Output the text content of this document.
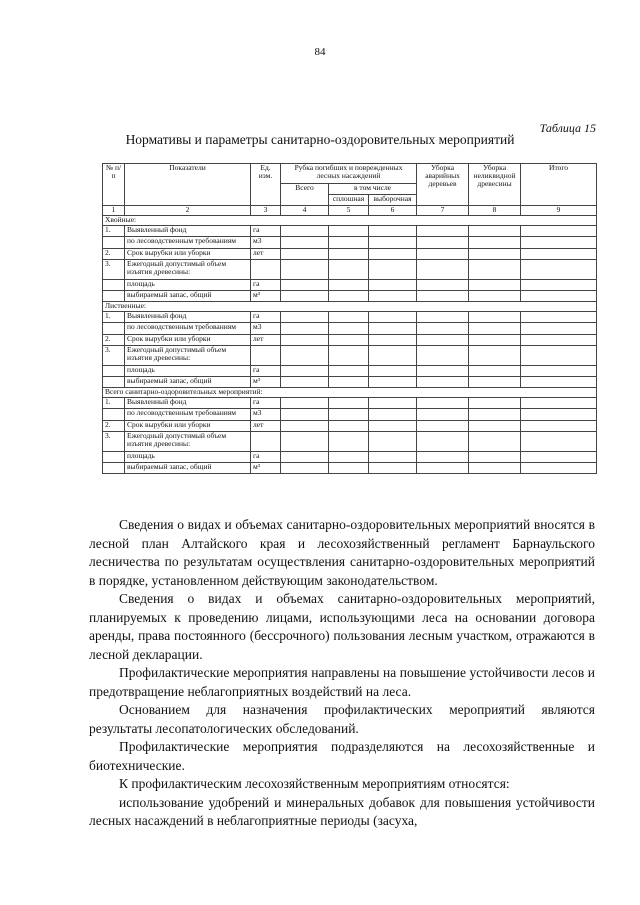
84
Таблица 15
Нормативы и параметры санитарно-оздоровительных мероприятий
№ п/п	Показатели	Ед. изм.	Рубка погибших и поврежденных лесных насаждений			Уборка аварийных деревьев	Уборка неликвидной древесины	Итого
			Всего	в том числе				
				сплошная	выборочная			
1	2	3	4	5	6	7	8	9
Хвойные:								
1.	Выявленный фонд	га						
	по лесоводственным требованиям	м3						
2.	Срок вырубки или уборки	лет						
3.	Ежегодный допустимый объем изъятия древесины:							
	площадь	га						
	выбираемый запас, общий	м³						
Лиственные:								
1.	Выявленный фонд	га						
	по лесоводственным требованиям	м3						
2.	Срок вырубки или уборки	лет						
3.	Ежегодный допустимый объем изъятия древесины:							
	площадь	га						
	выбираемый запас, общий	м³						
Всего санитарно-оздоровительных мероприятий:								
1.	Выявленный фонд	га						
	по лесоводственным требованиям	м3						
2.	Срок вырубки или уборки	лет						
3.	Ежегодный допустимый объем изъятия древесины:							
	площадь	га						
	выбираемый запас, общий	м³						

Сведения о видах и объемах санитарно-оздоровительных мероприятий вносятся в лесной план Алтайского края и лесохозяйственный регламент Барнаульского лесничества по результатам осуществления санитарно-оздоровительных мероприятий в порядке, установленном действующим законодательством.

Сведения о видах и объемах санитарно-оздоровительных мероприятий, планируемых к проведению лицами, использующими леса на основании договора аренды, права постоянного (бессрочного) пользования лесным участком, отражаются в лесной декларации.

Профилактические мероприятия направлены на повышение устойчивости лесов и предотвращение неблагоприятных воздействий на леса.

Основанием для назначения профилактических мероприятий являются результаты лесопатологических обследований.

Профилактические мероприятия подразделяются на лесохозяйственные и биотехнические.

К профилактическим лесохозяйственным мероприятиям относятся:

использование удобрений и минеральных добавок для повышения устойчивости лесных насаждений в неблагоприятные периоды (засуха,
